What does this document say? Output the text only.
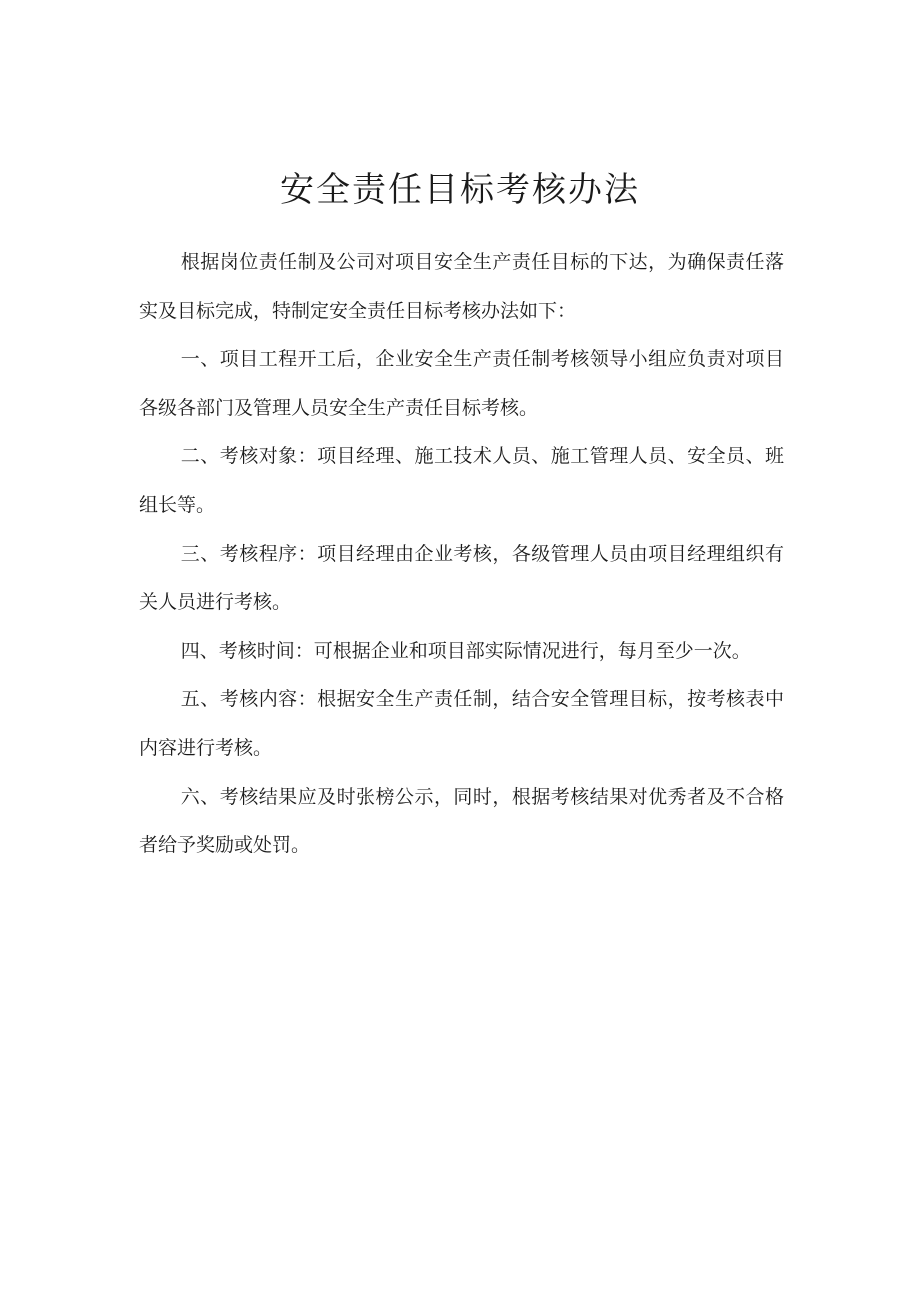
安全责任目标考核办法

根据岗位责任制及公司对项目安全生产责任目标的下达，为确保责任落实及目标完成，特制定安全责任目标考核办法如下：

一、项目工程开工后，企业安全生产责任制考核领导小组应负责对项目各级各部门及管理人员安全生产责任目标考核。

二、考核对象：项目经理、施工技术人员、施工管理人员、安全员、班组长等。

三、考核程序：项目经理由企业考核，各级管理人员由项目经理组织有关人员进行考核。

四、考核时间：可根据企业和项目部实际情况进行，每月至少一次。

五、考核内容：根据安全生产责任制，结合安全管理目标，按考核表中内容进行考核。

六、考核结果应及时张榜公示，同时，根据考核结果对优秀者及不合格者给予奖励或处罚。
